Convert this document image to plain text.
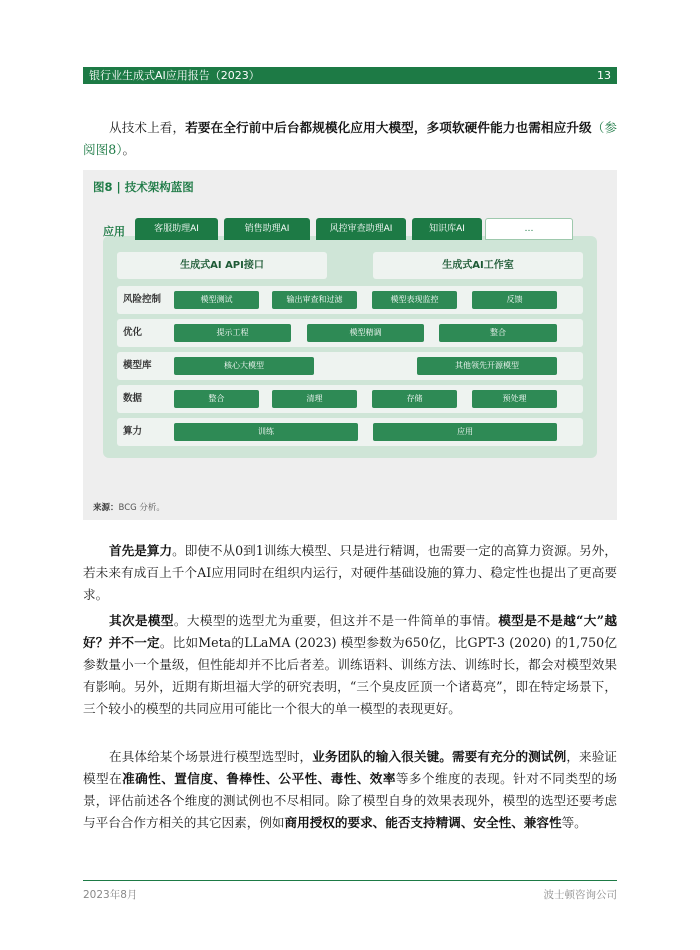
银行业生成式AI应用报告（2023）	13
从技术上看，若要在全行前中后台都规模化应用大模型，多项软硬件能力也需相应升级（参阅图8）。
图8 | 技术架构蓝图
应用	客服助理AI	销售助理AI	风控审查助理AI	知识库AI	…
生成式AI API接口	生成式AI工作室
风险控制	模型测试	输出审查和过滤	模型表现监控	反馈
优化	提示工程	模型精调	整合
模型库	核心大模型	其他领先开源模型
数据	整合	清理	存储	预处理
算力	训练	应用
来源：BCG 分析。
首先是算力。即使不从0到1训练大模型、只是进行精调，也需要一定的高算力资源。另外，若未来有成百上千个AI应用同时在组织内运行，对硬件基础设施的算力、稳定性也提出了更高要求。
其次是模型。大模型的选型尤为重要，但这并不是一件简单的事情。模型是不是越“大”越好？并不一定。比如Meta的LLaMA (2023) 模型参数为650亿，比GPT-3 (2020) 的1,750亿参数量小一个量级，但性能却并不比后者差。训练语料、训练方法、训练时长，都会对模型效果有影响。另外，近期有斯坦福大学的研究表明，“三个臭皮匠顶一个诸葛亮”，即在特定场景下，三个较小的模型的共同应用可能比一个很大的单一模型的表现更好。
在具体给某个场景进行模型选型时，业务团队的输入很关键。需要有充分的测试例，来验证模型在准确性、置信度、鲁棒性、公平性、毒性、效率等多个维度的表现。针对不同类型的场景，评估前述各个维度的测试例也不尽相同。除了模型自身的效果表现外，模型的选型还要考虑与平台合作方相关的其它因素，例如商用授权的要求、能否支持精调、安全性、兼容性等。
2023年8月	波士顿咨询公司
